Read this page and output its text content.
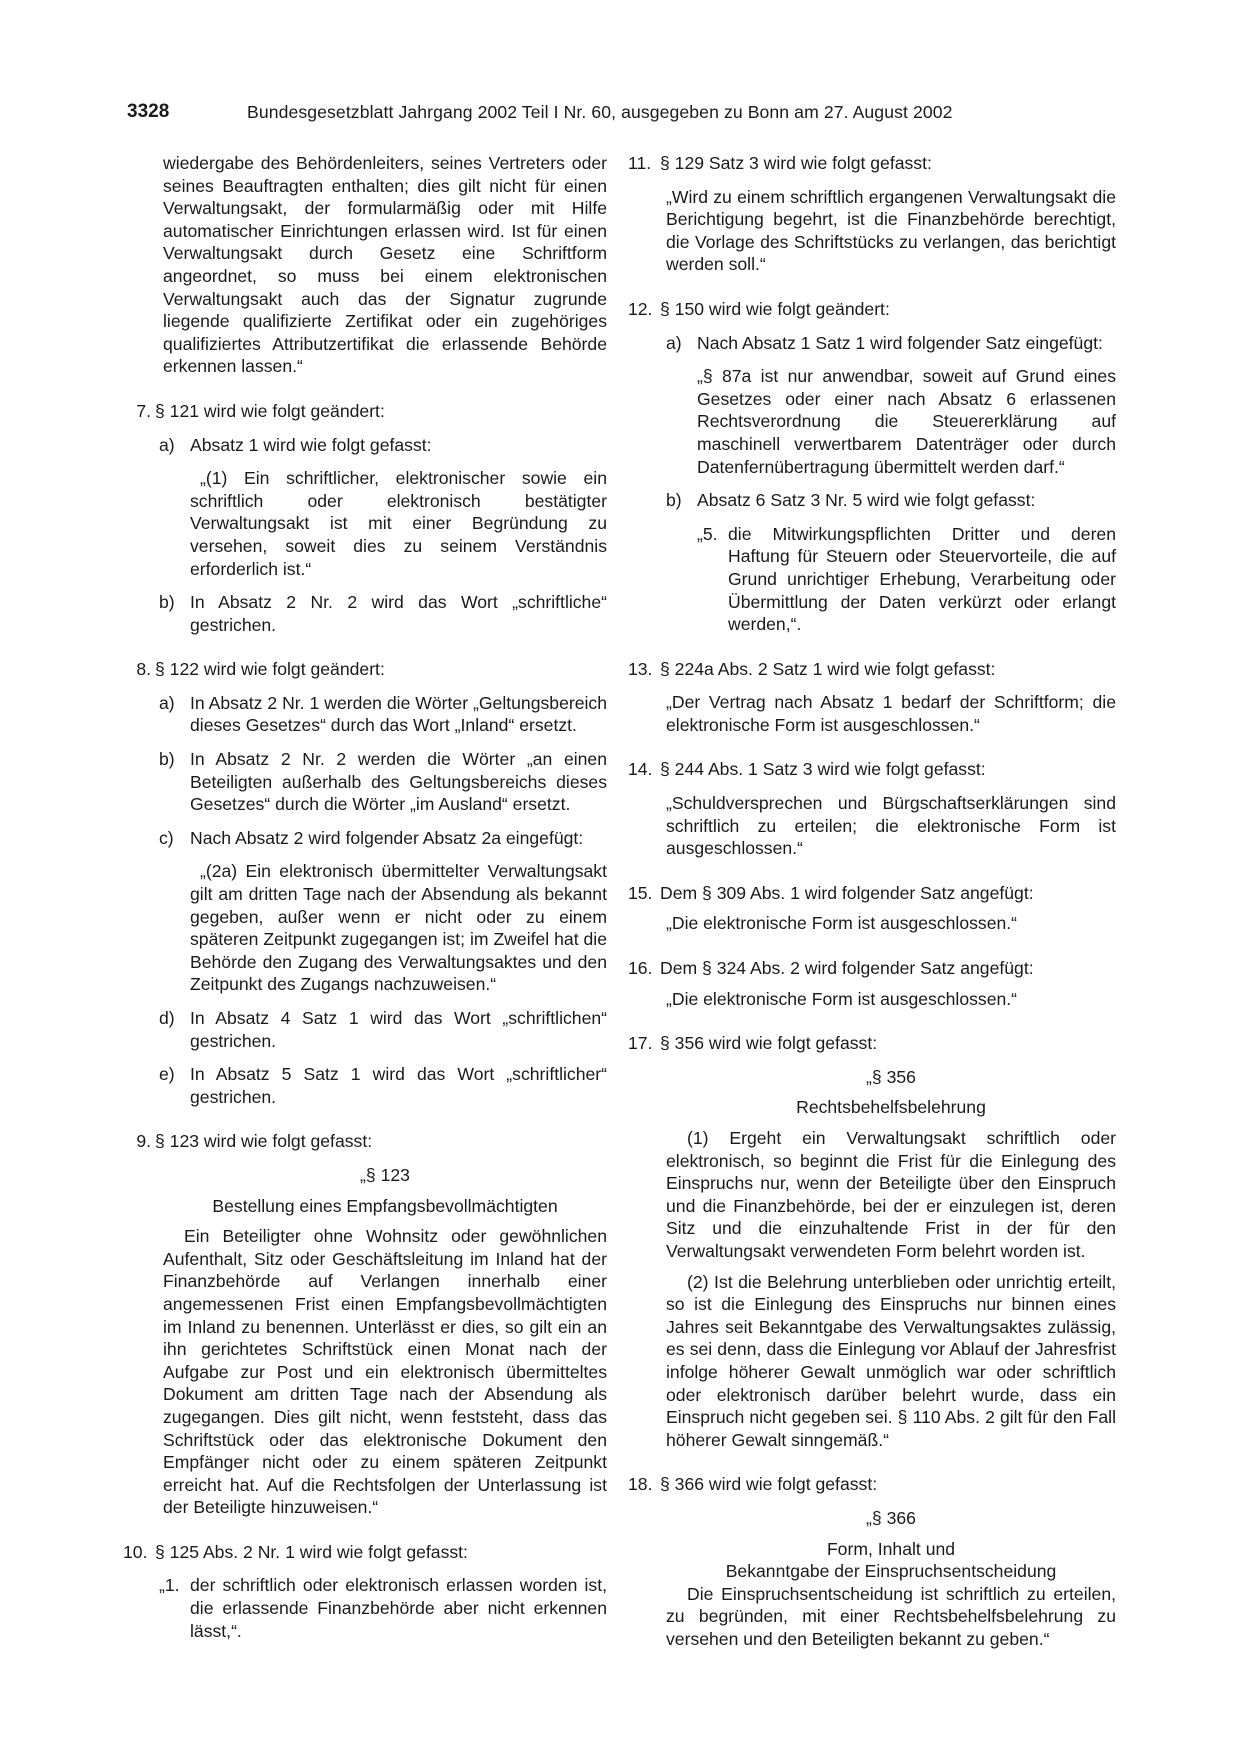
3328	Bundesgesetzblatt Jahrgang 2002 Teil I Nr. 60, ausgegeben zu Bonn am 27. August 2002

wiedergabe des Behördenleiters, seines Vertreters oder seines Beauftragten enthalten; dies gilt nicht für einen Verwaltungsakt, der formularmäßig oder mit Hilfe automatischer Einrichtungen erlassen wird. Ist für einen Verwaltungsakt durch Gesetz eine Schriftform angeordnet, so muss bei einem elektronischen Verwaltungsakt auch das der Signatur zugrunde liegende qualifizierte Zertifikat oder ein zugehöriges qualifiziertes Attributzertifikat die erlassende Behörde erkennen lassen.“

7. § 121 wird wie folgt geändert:

a) Absatz 1 wird wie folgt gefasst:

„(1) Ein schriftlicher, elektronischer sowie ein schriftlich oder elektronisch bestätigter Verwaltungsakt ist mit einer Begründung zu versehen, soweit dies zu seinem Verständnis erforderlich ist.“

b) In Absatz 2 Nr. 2 wird das Wort „schriftliche“ gestrichen.

8. § 122 wird wie folgt geändert:

a) In Absatz 2 Nr. 1 werden die Wörter „Geltungsbereich dieses Gesetzes“ durch das Wort „Inland“ ersetzt.

b) In Absatz 2 Nr. 2 werden die Wörter „an einen Beteiligten außerhalb des Geltungsbereichs dieses Gesetzes“ durch die Wörter „im Ausland“ ersetzt.

c) Nach Absatz 2 wird folgender Absatz 2a eingefügt:

„(2a) Ein elektronisch übermittelter Verwaltungsakt gilt am dritten Tage nach der Absendung als bekannt gegeben, außer wenn er nicht oder zu einem späteren Zeitpunkt zugegangen ist; im Zweifel hat die Behörde den Zugang des Verwaltungsaktes und den Zeitpunkt des Zugangs nachzuweisen.“

d) In Absatz 4 Satz 1 wird das Wort „schriftlichen“ gestrichen.

e) In Absatz 5 Satz 1 wird das Wort „schriftlicher“ gestrichen.

9. § 123 wird wie folgt gefasst:

„§ 123

Bestellung eines Empfangsbevollmächtigten

Ein Beteiligter ohne Wohnsitz oder gewöhnlichen Aufenthalt, Sitz oder Geschäftsleitung im Inland hat der Finanzbehörde auf Verlangen innerhalb einer angemessenen Frist einen Empfangsbevollmächtigten im Inland zu benennen. Unterlässt er dies, so gilt ein an ihn gerichtetes Schriftstück einen Monat nach der Aufgabe zur Post und ein elektronisch übermitteltes Dokument am dritten Tage nach der Absendung als zugegangen. Dies gilt nicht, wenn feststeht, dass das Schriftstück oder das elektronische Dokument den Empfänger nicht oder zu einem späteren Zeitpunkt erreicht hat. Auf die Rechtsfolgen der Unterlassung ist der Beteiligte hinzuweisen.“

10. § 125 Abs. 2 Nr. 1 wird wie folgt gefasst:

„1. der schriftlich oder elektronisch erlassen worden ist, die erlassende Finanzbehörde aber nicht erkennen lässt,“.

11. § 129 Satz 3 wird wie folgt gefasst:

„Wird zu einem schriftlich ergangenen Verwaltungsakt die Berichtigung begehrt, ist die Finanzbehörde berechtigt, die Vorlage des Schriftstücks zu verlangen, das berichtigt werden soll.“

12. § 150 wird wie folgt geändert:

a) Nach Absatz 1 Satz 1 wird folgender Satz eingefügt:

„§ 87a ist nur anwendbar, soweit auf Grund eines Gesetzes oder einer nach Absatz 6 erlassenen Rechtsverordnung die Steuererklärung auf maschinell verwertbarem Datenträger oder durch Datenfernübertragung übermittelt werden darf.“

b) Absatz 6 Satz 3 Nr. 5 wird wie folgt gefasst:

„5. die Mitwirkungspflichten Dritter und deren Haftung für Steuern oder Steuervorteile, die auf Grund unrichtiger Erhebung, Verarbeitung oder Übermittlung der Daten verkürzt oder erlangt werden,“.

13. § 224a Abs. 2 Satz 1 wird wie folgt gefasst:

„Der Vertrag nach Absatz 1 bedarf der Schriftform; die elektronische Form ist ausgeschlossen.“

14. § 244 Abs. 1 Satz 3 wird wie folgt gefasst:

„Schuldversprechen und Bürgschaftserklärungen sind schriftlich zu erteilen; die elektronische Form ist ausgeschlossen.“

15. Dem § 309 Abs. 1 wird folgender Satz angefügt:

„Die elektronische Form ist ausgeschlossen.“

16. Dem § 324 Abs. 2 wird folgender Satz angefügt:

„Die elektronische Form ist ausgeschlossen.“

17. § 356 wird wie folgt gefasst:

„§ 356

Rechtsbehelfsbelehrung

(1) Ergeht ein Verwaltungsakt schriftlich oder elektronisch, so beginnt die Frist für die Einlegung des Einspruchs nur, wenn der Beteiligte über den Einspruch und die Finanzbehörde, bei der er einzulegen ist, deren Sitz und die einzuhaltende Frist in der für den Verwaltungsakt verwendeten Form belehrt worden ist.

(2) Ist die Belehrung unterblieben oder unrichtig erteilt, so ist die Einlegung des Einspruchs nur binnen eines Jahres seit Bekanntgabe des Verwaltungsaktes zulässig, es sei denn, dass die Einlegung vor Ablauf der Jahresfrist infolge höherer Gewalt unmöglich war oder schriftlich oder elektronisch darüber belehrt wurde, dass ein Einspruch nicht gegeben sei. § 110 Abs. 2 gilt für den Fall höherer Gewalt sinngemäß.“

18. § 366 wird wie folgt gefasst:

„§ 366

Form, Inhalt und

Bekanntgabe der Einspruchsentscheidung

Die Einspruchsentscheidung ist schriftlich zu erteilen, zu begründen, mit einer Rechtsbehelfsbelehrung zu versehen und den Beteiligten bekannt zu geben.“
